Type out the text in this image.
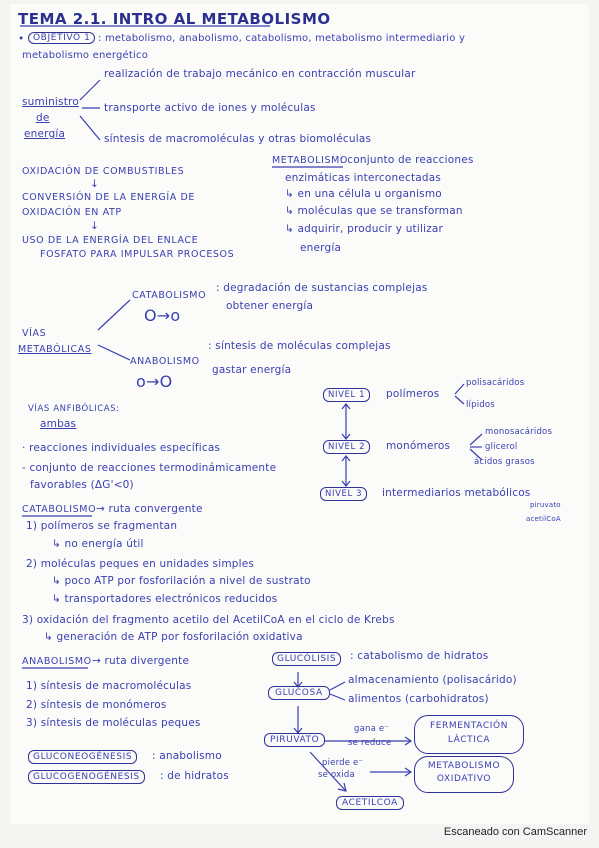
TEMA 2.1. INTRO AL METABOLISMO
• OBJETIVO 1 : metabolismo, anabolismo, catabolismo, metabolismo intermediario y
metabolismo energético
suministro
de
energía
realización de trabajo mecánico en contracción muscular
transporte activo de iones y moléculas
síntesis de macromoléculas y otras biomoléculas
OXIDACIÓN DE COMBUSTIBLES
↓
CONVERSIÓN DE LA ENERGÍA DE
OXIDACIÓN EN ATP
↓
USO DE LA ENERGÍA DEL ENLACE
FOSFATO PARA IMPULSAR PROCESOS
METABOLISMO
: conjunto de reacciones
enzimáticas interconectadas
↳ en una célula u organismo
↳ moléculas que se transforman
↳ adquirir, producir y utilizar
energía
VÍAS
METABÓLICAS
CATABOLISMO
: degradación de sustancias complejas
obtener energía
O→o
ANABOLISMO
: síntesis de moléculas complejas
gastar energía
o→O
NIVEL 1	polímeros
polisacáridos
lípidos
NIVEL 2	monómeros
monosacáridos
glicerol
ácidos grasos
NIVEL 3	intermediarios metabólicos
piruvato
acetilCoA
VÍAS ANFIBÓLICAS:
ambas
· reacciones individuales específicas
- conjunto de reacciones termodinámicamente
favorables (ΔG'<0)
CATABOLISMO → ruta convergente
1) polímeros se fragmentan
↳ no energía útil
2) moléculas peques en unidades simples
↳ poco ATP por fosforilación a nivel de sustrato
↳ transportadores electrónicos reducidos
3) oxidación del fragmento acetilo del AcetilCoA en el ciclo de Krebs
↳ generación de ATP por fosforilación oxidativa
ANABOLISMO → ruta divergente
1) síntesis de macromoléculas
2) síntesis de monómeros
3) síntesis de moléculas peques
GLUCONEOGÉNESIS	: anabolismo
GLUCOGENOGÉNESIS	: de hidratos
GLUCÓLISIS	: catabolismo de hidratos
GLUCOSA
almacenamiento (polisacárido)
alimentos (carbohidratos)
PIRUVATO
gana e⁻
se reduce
FERMENTACIÓN
LÁCTICA
pierde e⁻
se oxida
METABOLISMO
OXIDATIVO
ACETILCOA
Escaneado con CamScanner
